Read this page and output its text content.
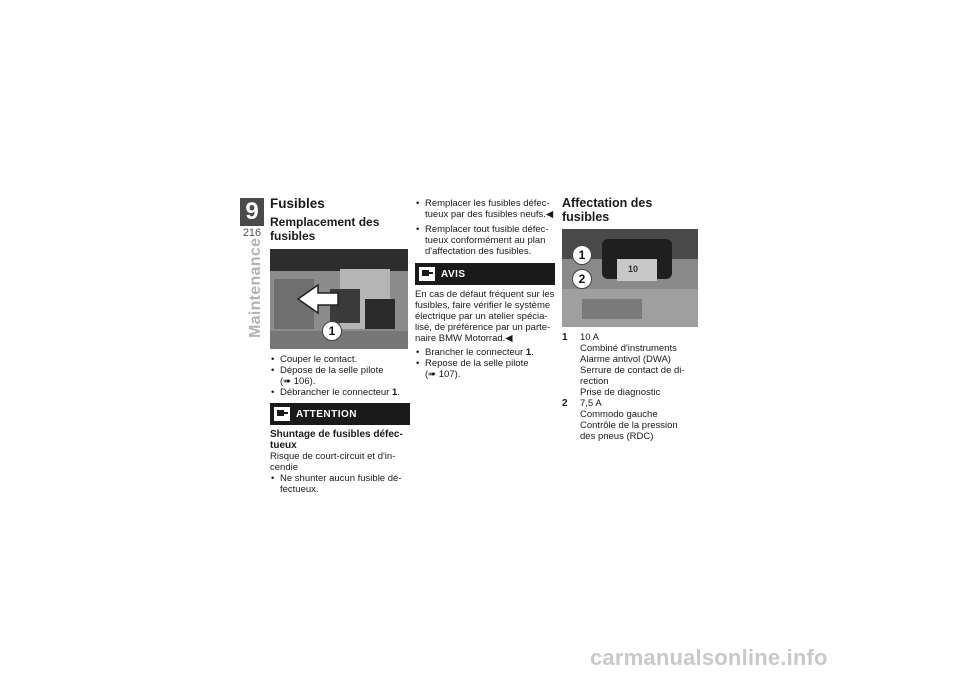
9
216
Maintenance
Fusibles
Remplacement des fusibles
1
• Couper le contact.
• Dépose de la selle pilote
(➠ 106).
• Débrancher le connecteur 1.
ATTENTION
Shuntage de fusibles défec-tueux
Risque de court-circuit et d'in-cendie
• Ne shunter aucun fusible dé-
fectueux.
• Remplacer les fusibles défec-
tueux par des fusibles neufs.◀
• Remplacer tout fusible défec-
tueux conformément au plan
d'affectation des fusibles.
AVIS
En cas de défaut fréquent sur les
fusibles, faire vérifier le système
électrique par un atelier spécia-
lisé, de préférence par un parte-
naire BMW Motorrad.◀
• Brancher le connecteur 1.
• Repose de la selle pilote
(➠ 107).
Affectation des fusibles
10
1
2
1 10 A
Combiné d'instruments
Alarme antivol (DWA)
Serrure de contact de di-
rection
Prise de diagnostic
2 7,5 A
Commodo gauche
Contrôle de la pression
des pneus (RDC)
carmanualsonline.info
